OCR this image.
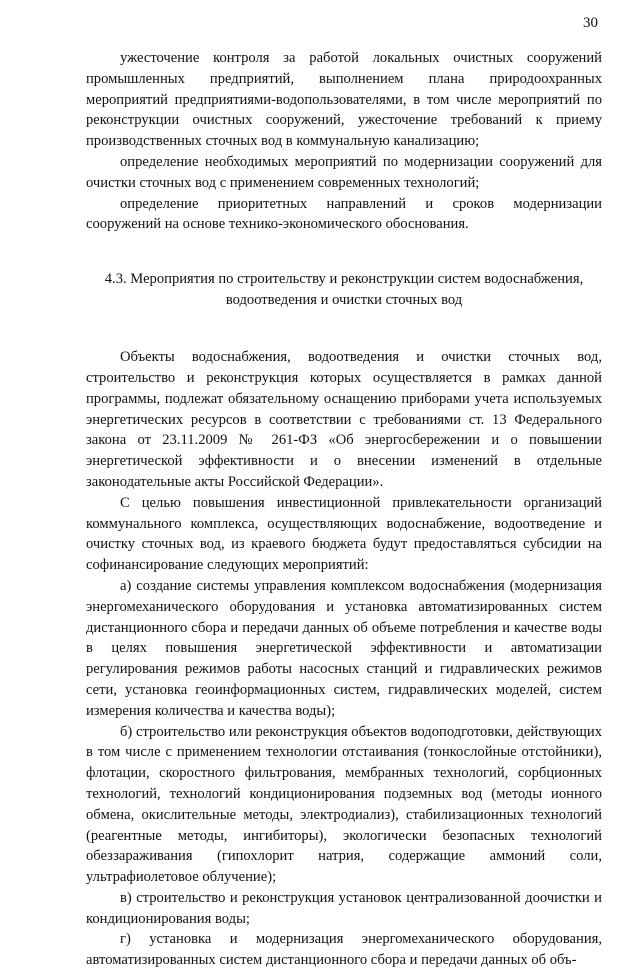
30

ужесточение контроля за работой локальных очистных сооружений промышленных предприятий, выполнением плана природоохранных мероприятий предприятиями-водопользователями, в том числе мероприятий по реконструкции очистных сооружений, ужесточение требований к приему производственных сточных вод в коммунальную канализацию;

определение необходимых мероприятий по модернизации сооружений для очистки сточных вод с применением современных технологий;

определение приоритетных направлений и сроков модернизации сооружений на основе технико-экономического обоснования.

4.3. Мероприятия по строительству и реконструкции систем водоснабжения,
водоотведения и очистки сточных вод

Объекты водоснабжения, водоотведения и очистки сточных вод, строительство и реконструкция которых осуществляется в рамках данной программы, подлежат обязательному оснащению приборами учета используемых энергетических ресурсов в соответствии с требованиями ст. 13 Федерального закона от 23.11.2009 № 261-ФЗ «Об энергосбережении и о повышении энергетической эффективности и о внесении изменений в отдельные законодательные акты Российской Федерации».

С целью повышения инвестиционной привлекательности организаций коммунального комплекса, осуществляющих водоснабжение, водоотведение и очистку сточных вод, из краевого бюджета будут предоставляться субсидии на софинансирование следующих мероприятий:

а) создание системы управления комплексом водоснабжения (модернизация энергомеханического оборудования и установка автоматизированных систем дистанционного сбора и передачи данных об объеме потребления и качестве воды в целях повышения энергетической эффективности и автоматизации регулирования режимов работы насосных станций и гидравлических режимов сети, установка геоинформационных систем, гидравлических моделей, систем измерения количества и качества воды);

б) строительство или реконструкция объектов водоподготовки, действующих в том числе с применением технологии отстаивания (тонкослойные отстойники), флотации, скоростного фильтрования, мембранных технологий, сорбционных технологий, технологий кондиционирования подземных вод (методы ионного обмена, окислительные методы, электродиализ), стабилизационных технологий (реагентные методы, ингибиторы), экологически безопасных технологий обеззараживания (гипохлорит натрия, содержащие аммоний соли, ультрафиолетовое облучение);

в) строительство и реконструкция установок централизованной доочистки и кондиционирования воды;

г) установка и модернизация энергомеханического оборудования, автоматизированных систем дистанционного сбора и передачи данных об объ-
